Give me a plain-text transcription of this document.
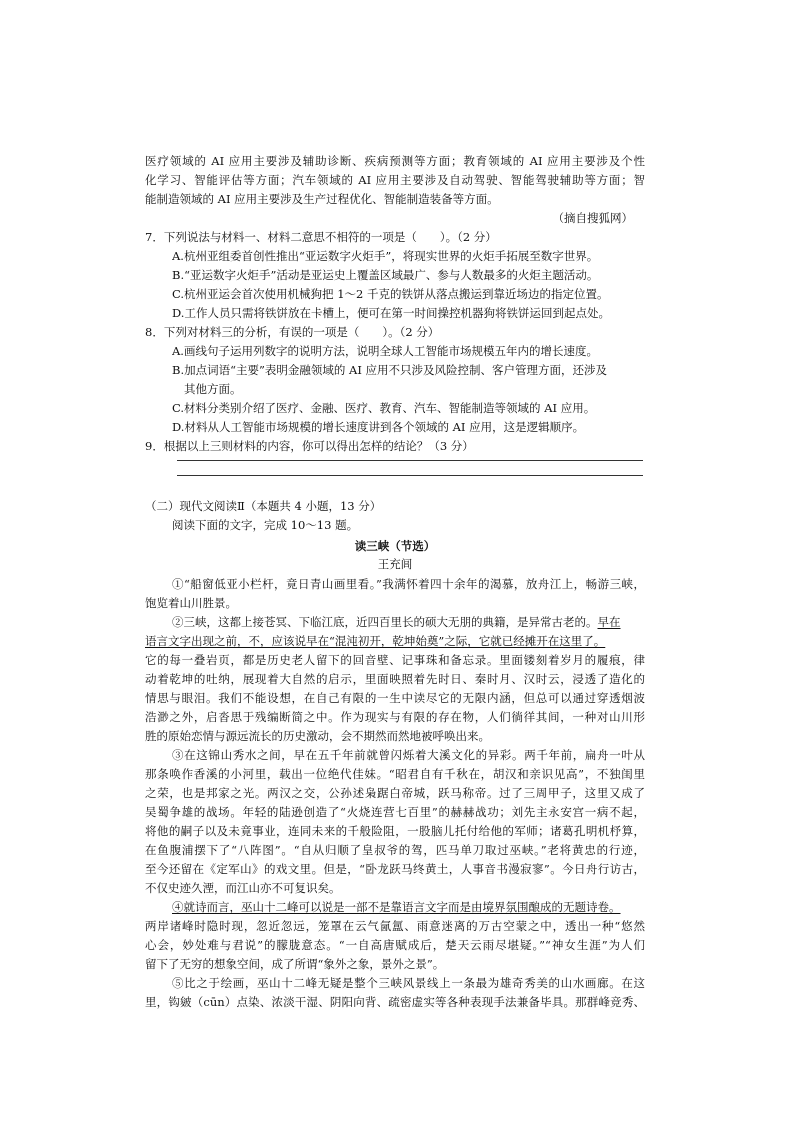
医疗领域的 AI 应用主要涉及辅助诊断、疾病预测等方面；教育领域的 AI 应用主要涉及个性
化学习、智能评估等方面；汽车领域的 AI 应用主要涉及自动驾驶、智能驾驶辅助等方面；智
能制造领域的 AI 应用主要涉及生产过程优化、智能制造装备等方面。
（摘自搜狐网）
7．下列说法与材料一、材料二意思不相符的一项是（　　）。（2 分）
A.杭州亚组委首创性推出“亚运数字火炬手”，将现实世界的火炬手拓展至数字世界。
B.“亚运数字火炬手”活动是亚运史上覆盖区域最广、参与人数最多的火炬主题活动。
C.杭州亚运会首次使用机械狗把 1～2 千克的铁饼从落点搬运到靠近场边的指定位置。
D.工作人员只需将铁饼放在卡槽上，便可在第一时间操控机器狗将铁饼运回到起点处。
8．下列对材料三的分析，有误的一项是（　　）。（2 分）
A.画线句子运用列数字的说明方法，说明全球人工智能市场规模五年内的增长速度。
B.加点词语“主要”表明金融领域的 AI 应用不只涉及风险控制、客户管理方面，还涉及
其他方面。
C.材料分类别介绍了医疗、金融、医疗、教育、汽车、智能制造等领域的 AI 应用。
D.材料从人工智能市场规模的增长速度讲到各个领域的 AI 应用，这是逻辑顺序。
9．根据以上三则材料的内容，你可以得出怎样的结论？（3 分）
（二）现代文阅读Ⅱ（本题共 4 小题，13 分）
阅读下面的文字，完成 10～13 题。
读三峡（节选）
王充闾
①“船窗低亚小栏杆，竟日青山画里看。”我满怀着四十余年的渴慕，放舟江上，畅游三峡，
饱览着山川胜景。
②三峡，这都上接苍冥、下临江底，近四百里长的硕大无朋的典籍，是异常古老的。早在
语言文字出现之前，不，应该说早在“混沌初开，乾坤始奠”之际，它就已经摊开在这里了。
它的每一叠岩页，都是历史老人留下的回音壁、记事珠和备忘录。里面镂刻着岁月的履痕，律
动着乾坤的吐纳，展现着大自然的启示，里面映照着先时日、秦时月、汉时云，浸透了造化的
情思与眼泪。我们不能设想，在自己有限的一生中读尽它的无限内涵，但总可以通过穿透烟波
浩渺之外，启沓思于残编断简之中。作为现实与有限的存在物，人们徜徉其间，一种对山川形
胜的原始恋情与源远流长的历史激动，会不期然而然地被呼唤出来。
③在这锦山秀水之间，早在五千年前就曾闪烁着大溪文化的异彩。两千年前，扁舟一叶从
那条唤作香溪的小河里，载出一位绝代佳妹。“昭君自有千秋在，胡汉和亲识见高”，不独闺里
之荣，也是邦家之光。两汉之交，公孙述枭踞白帝城，跃马称帝。过了三周甲子，这里又成了
吴蜀争雄的战场。年轻的陆逊创造了“火烧连营七百里”的赫赫战功；刘先主永安宫一病不起，
将他的嗣子以及未竟事业，连同未来的千般险阻，一股脑儿托付给他的军师；诸葛孔明机杼算，
在鱼腹浦摆下了“八阵图”。“自从归顺了皇叔爷的驾，匹马单刀取过巫峡。”老将黄忠的行迹，
至今还留在《定军山》的戏文里。但是，“卧龙跃马终黄土，人事音书漫寂寥”。今日舟行访古，
不仅史迹久湮，而江山亦不可复识矣。
④就诗而言，巫山十二峰可以说是一部不是靠语言文字而是由境界氛围酿成的无题诗卷。
两岸诸峰时隐时现，忽近忽远，笼罩在云气氤氲、雨意迷离的万古空蒙之中，透出一种“悠然
心会，妙处难与君说”的朦胧意态。“一自高唐赋成后，楚天云雨尽堪疑。”“神女生涯”为人们
留下了无穷的想象空间，成了所谓“象外之象，景外之景”。
⑤比之于绘画，巫山十二峰无疑是整个三峡风景线上一条最为雄奇秀美的山水画廊。在这
里，钩皴（cūn）点染、浓淡干湿、阴阳向背、疏密虚实等各种表现手法兼备毕具。那群峰竞秀、
